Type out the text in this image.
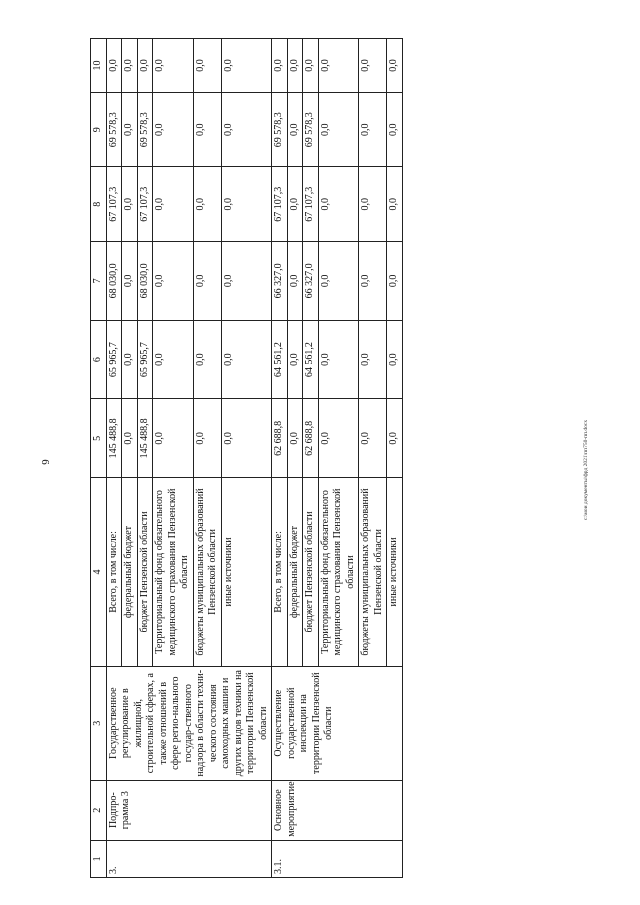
6	c:\мои документы\фрд 2021\пп750-пп.docx
1	2	3	4	5	6	7	8	9	10
3.	Подпро-грамма 3	Государственное регулирование в жилищной, строительной сферах, а также отношений в сфере регио-нального государ-ственного надзора в области техни-ческого состояния самоходных машин и других видов техники на территории Пензенской области	Всего, в том числе:	145 488,8	65 965,7	68 030,0	67 107,3	69 578,3	0,0
			федеральный бюджет	0,0	0,0	0,0	0,0	0,0	0,0
			бюджет Пензенской области	145 488,8	65 965,7	68 030,0	67 107,3	69 578,3	0,0
			Территориальный фонд обязательного медицинского страхования Пензенской области	0,0	0,0	0,0	0,0	0,0	0,0
			бюджеты муниципальных образований Пензенской области	0,0	0,0	0,0	0,0	0,0	0,0
			иные источники	0,0	0,0	0,0	0,0	0,0	0,0
3.1.	Основное мероприятие	Осуществление государственной инспекции на территории Пензенской области	Всего, в том числе:	62 688,8	64 561,2	66 327,0	67 107,3	69 578,3	0,0
			федеральный бюджет	0,0	0,0	0,0	0,0	0,0	0,0
			бюджет Пензенской области	62 688,8	64 561,2	66 327,0	67 107,3	69 578,3	0,0
			Территориальный фонд обязательного медицинского страхования Пензенской области	0,0	0,0	0,0	0,0	0,0	0,0
			бюджеты муниципальных образований Пензенской области	0,0	0,0	0,0	0,0	0,0	0,0
			иные источники	0,0	0,0	0,0	0,0	0,0	0,0
